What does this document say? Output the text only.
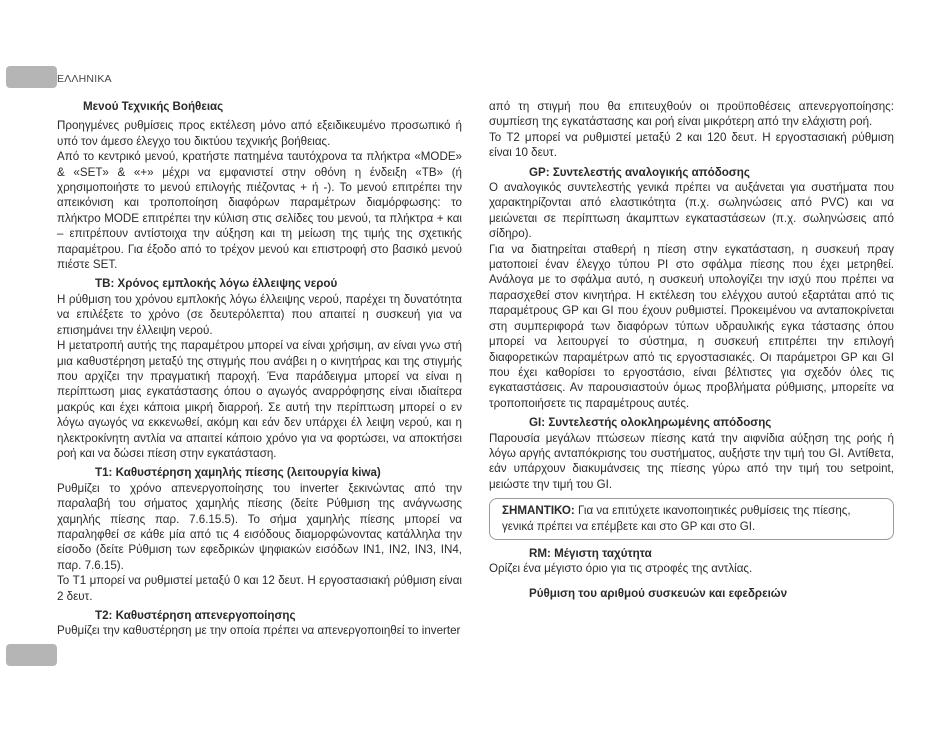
ΕΛΛΗΝΙΚΑ
Μενού Τεχνικής Βοήθειας

Προηγμένες ρυθμίσεις προς εκτέλεση μόνο από εξειδικευμένο προσωπικό ή υπό τον άμεσο έλεγχο του δικτύου τεχνικής βοήθειας.

Από το κεντρικό μενού, κρατήστε πατημένα ταυτόχρονα τα πλήκτρα «MODE» & «SET» & «+» μέχρι να εμφανιστεί στην οθόνη η ένδειξη «TB» (ή χρησιμοποιήστε το μενού επιλογής πιέζοντας + ή -). Το μενού επιτρέπει την απεικόνιση και τροποποίηση διαφόρων παραμέτρων διαμόρφωσης: το πλήκτρο MODE επιτρέπει την κύλιση στις σελίδες του μενού, τα πλήκτρα + και – επιτρέπουν αντίστοιχα την αύξηση και τη μείωση της τιμής της σχετικής παραμέτρου. Για έξοδο από το τρέχον μενού και επιστροφή στο βασικό μενού πιέστε SET.

TB: Χρόνος εμπλοκής λόγω έλλειψης νερού

Η ρύθμιση του χρόνου εμπλοκής λόγω έλλειψης νερού, παρέχει τη δυνατότητα να επιλέξετε το χρόνο (σε δευτερόλεπτα) που απαιτεί η συσκευή για να επισημάνει την έλλειψη νερού.

Η μετατροπή αυτής της παραμέτρου μπορεί να είναι χρήσιμη, αν είναι γνω στή μια καθυστέρηση μεταξύ της στιγμής που ανάβει η ο κινητήρας και της στιγμής που αρχίζει την πραγματική παροχή. Ένα παράδειγμα μπορεί να είναι η περίπτωση μιας εγκατάστασης όπου ο αγωγός αναρρόφησης είναι ιδιαίτερα μακρύς και έχει κάποια μικρή διαρροή. Σε αυτή την περίπτωση μπορεί ο εν λόγω αγωγός να εκκενωθεί, ακόμη και εάν δεν υπάρχει έλ λειψη νερού, και η ηλεκτροκίνητη αντλία να απαιτεί κάποιο χρόνο για να φορτώσει, να αποκτήσει ροή και να δώσει πίεση στην εγκατάσταση.

T1: Καθυστέρηση χαμηλής πίεσης (λειτουργία kiwa)

Ρυθμίζει το χρόνο απενεργοποίησης του inverter ξεκινώντας από την παραλαβή του σήματος χαμηλής πίεσης (δείτε Ρύθμιση της ανάγνωσης χαμηλής πίεσης παρ. 7.6.15.5). Το σήμα χαμηλής πίεσης μπορεί να παραληφθεί σε κάθε μία από τις 4 εισόδους διαμορφώνοντας κατάλληλα την είσοδο (δείτε Ρύθμιση των εφεδρικών ψηφιακών εισόδων IN1, IN2, IN3, IN4, παρ. 7.6.15).

Το T1 μπορεί να ρυθμιστεί μεταξύ 0 και 12 δευτ. Η εργοστασιακή ρύθμιση είναι 2 δευτ.

T2: Καθυστέρηση απενεργοποίησης

Ρυθμίζει την καθυστέρηση με την οποία πρέπει να απενεργοποιηθεί το inverter

από τη στιγμή που θα επιτευχθούν οι προϋποθέσεις απενεργοποίησης: συμπίεση της εγκατάστασης και ροή είναι μικρότερη από την ελάχιστη ροή.

Το T2 μπορεί να ρυθμιστεί μεταξύ 2 και 120 δευτ. Η εργοστασιακή ρύθμιση είναι 10 δευτ.

GP: Συντελεστής αναλογικής απόδοσης

Ο αναλογικός συντελεστής γενικά πρέπει να αυξάνεται για συστήματα που χαρακτηρίζονται από ελαστικότητα (π.χ. σωληνώσεις από PVC) και να μειώνεται σε περίπτωση άκαμπτων εγκαταστάσεων (π.χ. σωληνώσεις από σίδηρο).

Για να διατηρείται σταθερή η πίεση στην εγκατάσταση, η συσκευή πραγ ματοποιεί έναν έλεγχο τύπου PI στο σφάλμα πίεσης που έχει μετρηθεί. Ανάλογα με το σφάλμα αυτό, η συσκευή υπολογίζει την ισχύ που πρέπει να παρασχεθεί στον κινητήρα. Η εκτέλεση του ελέγχου αυτού εξαρτάται από τις παραμέτρους GP και GI που έχουν ρυθμιστεί. Προκειμένου να ανταποκρίνεται στη συμπεριφορά των διαφόρων τύπων υδραυλικής εγκα τάστασης όπου μπορεί να λειτουργεί το σύστημα, η συσκευή επιτρέπει την επιλογή διαφορετικών παραμέτρων από τις εργοστασιακές. Οι παράμετροι GP και GI που έχει καθορίσει το εργοστάσιο, είναι βέλτιστες για σχεδόν όλες τις εγκαταστάσεις. Αν παρουσιαστούν όμως προβλήματα ρύθμισης, μπορείτε να τροποποιήσετε τις παραμέτρους αυτές.

GI: Συντελεστής ολοκληρωμένης απόδοσης

Παρουσία μεγάλων πτώσεων πίεσης κατά την αιφνίδια αύξηση της ροής ή λόγω αργής ανταπόκρισης του συστήματος, αυξήστε την τιμή του GI. Αντίθετα, εάν υπάρχουν διακυμάνσεις της πίεσης γύρω από την τιμή του setpoint, μειώστε την τιμή του GI.

ΣΗΜΑΝΤΙΚΟ: Για να επιτύχετε ικανοποιητικές ρυθμίσεις της πίεσης, γενικά πρέπει να επέμβετε και στο GP και στο GI.

RM: Μέγιστη ταχύτητα

Ορίζει ένα μέγιστο όριο για τις στροφές της αντλίας.

Ρύθμιση του αριθμού συσκευών και εφεδρειών
